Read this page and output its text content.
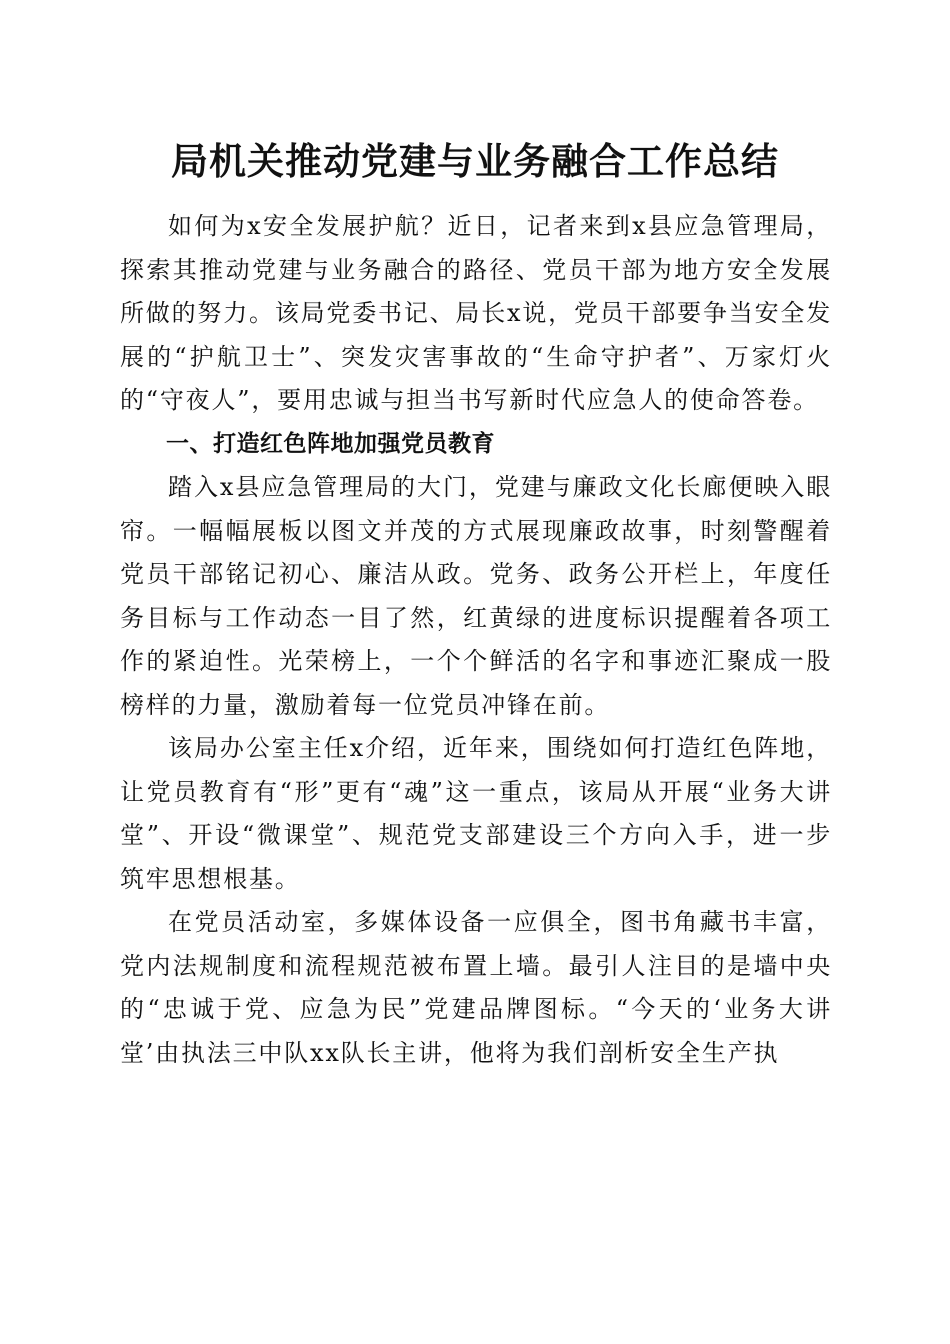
局机关推动党建与业务融合工作总结

如何为x安全发展护航？近日，记者来到x县应急管理局，探索其推动党建与业务融合的路径、党员干部为地方安全发展所做的努力。该局党委书记、局长x说，党员干部要争当安全发展的“护航卫士”、突发灾害事故的“生命守护者”、万家灯火的“守夜人”，要用忠诚与担当书写新时代应急人的使命答卷。

一、打造红色阵地加强党员教育

踏入x县应急管理局的大门，党建与廉政文化长廊便映入眼帘。一幅幅展板以图文并茂的方式展现廉政故事，时刻警醒着党员干部铭记初心、廉洁从政。党务、政务公开栏上，年度任务目标与工作动态一目了然，红黄绿的进度标识提醒着各项工作的紧迫性。光荣榜上，一个个鲜活的名字和事迹汇聚成一股榜样的力量，激励着每一位党员冲锋在前。

该局办公室主任x介绍，近年来，围绕如何打造红色阵地，让党员教育有“形”更有“魂”这一重点，该局从开展“业务大讲堂”、开设“微课堂”、规范党支部建设三个方向入手，进一步筑牢思想根基。

在党员活动室，多媒体设备一应俱全，图书角藏书丰富，党内法规制度和流程规范被布置上墙。最引人注目的是墙中央的“忠诚于党、应急为民”党建品牌图标。“今天的‘业务大讲堂’由执法三中队xx队长主讲，他将为我们剖析安全生产执
